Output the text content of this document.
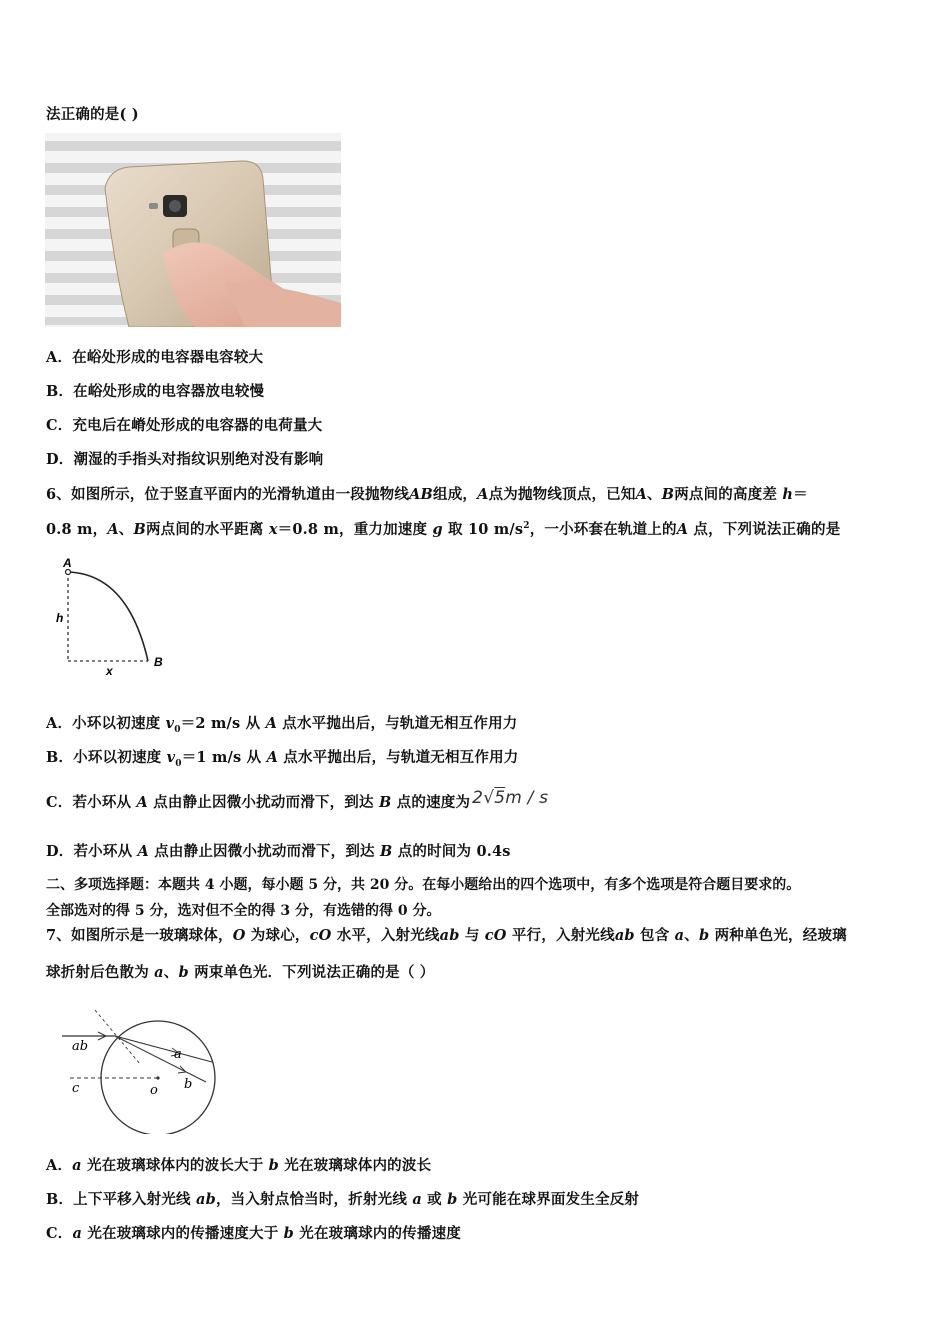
法正确的是( )
A．在峪处形成的电容器电容较大
B．在峪处形成的电容器放电较慢
C．充电后在嵴处形成的电容器的电荷量大
D．潮湿的手指头对指纹识别绝对没有影响
6、如图所示，位于竖直平面内的光滑轨道由一段抛物线AB组成，A点为抛物线顶点，已知A、B两点间的高度差 h＝
0.8 m，A、B两点间的水平距离 x＝0.8 m，重力加速度 g 取 10 $m/s^2$，一小环套在轨道上的A 点，下列说法正确的是
A
B
h
x
A．小环以初速度 $v_0=2$ m/s 从 A 点水平抛出后，与轨道无相互作用力
B．小环以初速度 $v_0=1$ m/s 从 A 点水平抛出后，与轨道无相互作用力
C．若小环从 A 点由静止因微小扰动而滑下，到达 B 点的速度为 2√5m / s
D．若小环从 A 点由静止因微小扰动而滑下，到达 B 点的时间为 0.4s
二、多项选择题：本题共 4 小题，每小题 5 分，共 20 分。在每小题给出的四个选项中，有多个选项是符合题目要求的。
全部选对的得 5 分，选对但不全的得 3 分，有选错的得 0 分。
7、如图所示是一玻璃球体，O 为球心，cO 水平，入射光线ab 与 cO 平行，入射光线ab 包含 a、b 两种单色光，经玻璃
球折射后色散为 a、b 两束单色光．下列说法正确的是（ ）
ab
a
b
c	o
A．a 光在玻璃球体内的波长大于 b 光在玻璃球体内的波长
B．上下平移入射光线 ab，当入射点恰当时，折射光线 a 或 b 光可能在球界面发生全反射
C．a 光在玻璃球内的传播速度大于 b 光在玻璃球内的传播速度
